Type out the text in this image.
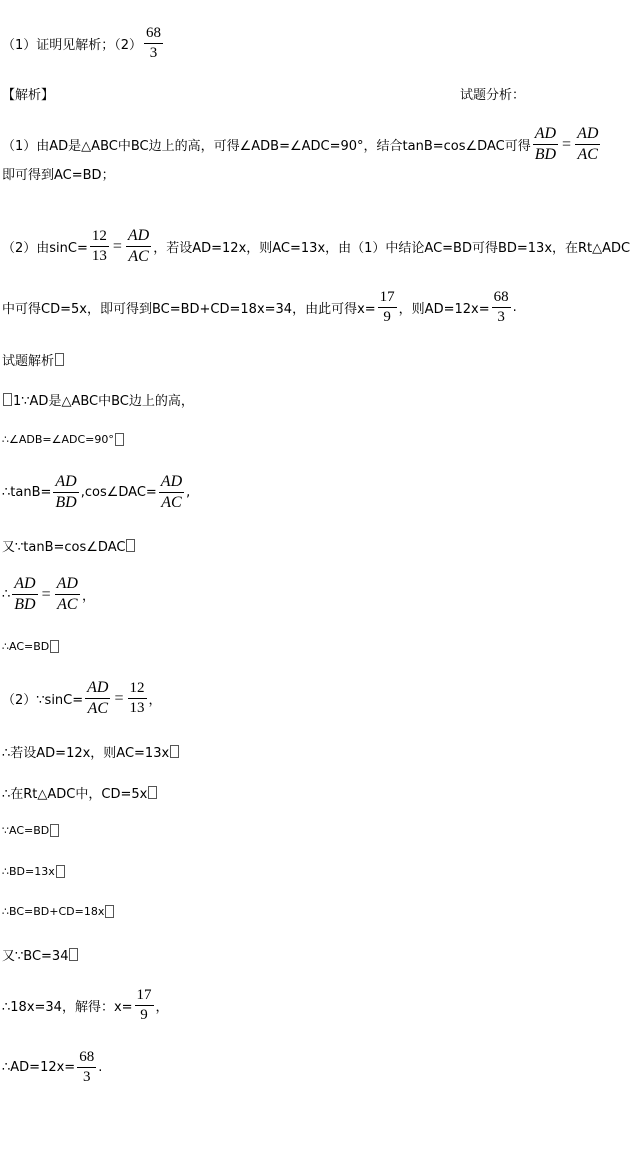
（1）证明见解析；$(2) \frac{68}{3}$
【解析】	试题分析：
（1）由AD是△ABC中BC边上的高，可得∠ADB=∠ADC=90°，结合tanB=cos∠DAC可得 $\frac{AD}{BD} = \frac{AD}{AC}$
即可得到AC=BD；
（2）由$\sin C= \frac{12}{13} = \frac{AD}{AC}$ ，若设AD=12x，则AC=13x，由（1）中结论AC=BD可得BD=13x，在Rt△ADC
中可得CD=5x，即可得到BC=BD+CD=18x=34，由此可得$x= \frac{17}{9}$ ，则$AD=12x= \frac{68}{3}$ .
试题解析
1∵AD是△ABC中BC边上的高，
∴∠ADB=∠ADC=90°
∴tanB= $\frac{AD}{BD}$ ,cos∠DAC= $\frac{AD}{AC}$ ,
又∵tanB=cos∠DAC
∴ $\frac{AD}{BD} = \frac{AD}{AC}$ ，
∴AC=BD
（2）∵sinC= $\frac{AD}{AC} = \frac{12}{13}$ ，
∴若设AD=12x，则AC=13x
∴在Rt△ADC中，CD=5x
∵AC=BD
∴BD=13x
∴BC=BD+CD=18x
又∵BC=34
∴18x=34，解得：$x= \frac{17}{9}$ ，
∴AD=12x= $\frac{68}{3}$ .
